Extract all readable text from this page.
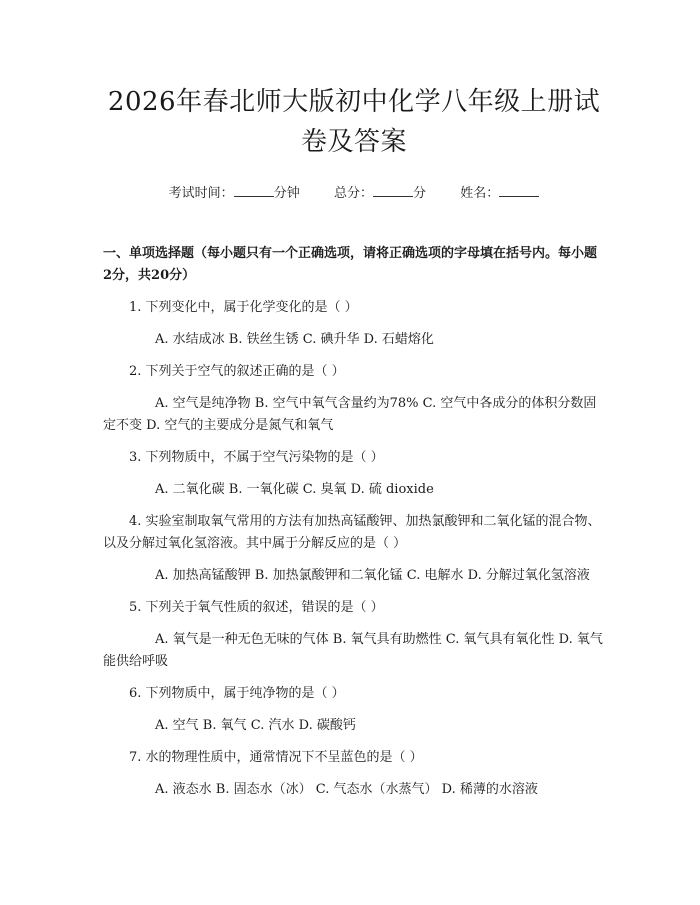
2026年春北师大版初中化学八年级上册试卷及答案
考试时间：	分钟	总分：	分	姓名：
一、单项选择题（每小题只有一个正确选项，请将正确选项的字母填在括号内。每小题2分，共20分）
1. 下列变化中，属于化学变化的是（ ）
A. 水结成冰 B. 铁丝生锈 C. 碘升华 D. 石蜡熔化
2. 下列关于空气的叙述正确的是（ ）
A. 空气是纯净物 B. 空气中氧气含量约为78% C. 空气中各成分的体积分数固定不变 D. 空气的主要成分是氮气和氧气
3. 下列物质中，不属于空气污染物的是（ ）
A. 二氧化碳 B. 一氧化碳 C. 臭氧 D. 硫 dioxide
4. 实验室制取氧气常用的方法有加热高锰酸钾、加热氯酸钾和二氧化锰的混合物、以及分解过氧化氢溶液。其中属于分解反应的是（ ）
A. 加热高锰酸钾 B. 加热氯酸钾和二氧化锰 C. 电解水 D. 分解过氧化氢溶液
5. 下列关于氧气性质的叙述，错误的是（ ）
A. 氧气是一种无色无味的气体 B. 氧气具有助燃性 C. 氧气具有氧化性 D. 氧气能供给呼吸
6. 下列物质中，属于纯净物的是（ ）
A. 空气 B. 氧气 C. 汽水 D. 碳酸钙
7. 水的物理性质中，通常情况下不呈蓝色的是（ ）
A. 液态水 B. 固态水（冰） C. 气态水（水蒸气） D. 稀薄的水溶液
